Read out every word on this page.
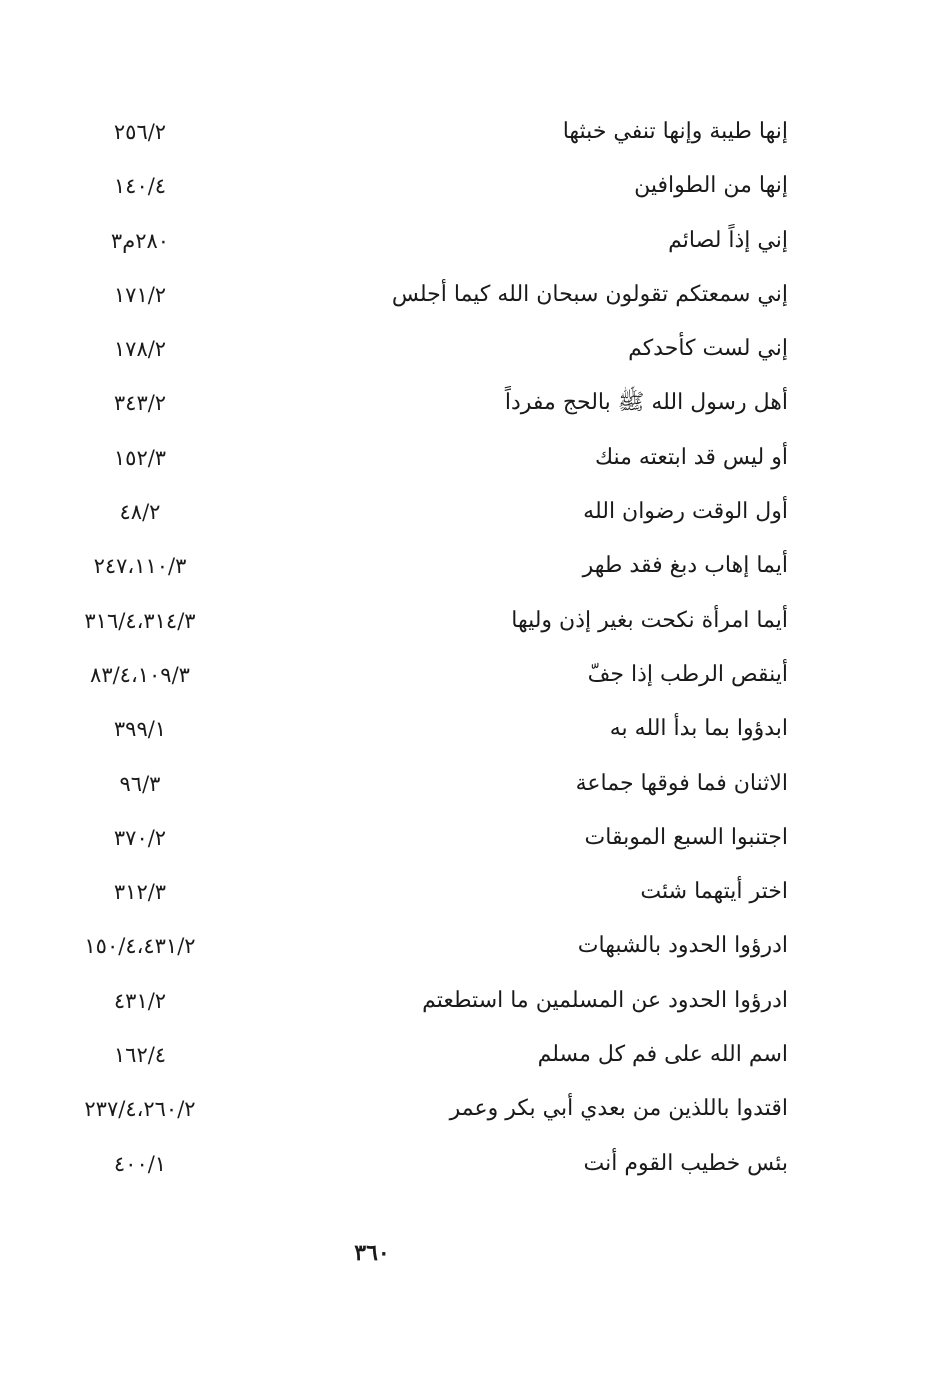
إنها طيبة وإنها تنفي خبثها
٢٥٦/٢
إنها من الطوافين
١٤٠/٤
إني إذاً لصائم
٢٨٠م٣
إني سمعتكم تقولون سبحان الله كيما أجلس
١٧١/٢
إني لست كأحدكم
١٧٨/٢
أهل رسول الله ﷺ بالحج مفرداً
٣٤٣/٢
أو ليس قد ابتعته منك
١٥٢/٣
أول الوقت رضوان الله
٤٨/٢
أيما إهاب دبغ فقد طهر
٢٤٧،١١٠/٣
أيما امرأة نكحت بغير إذن وليها
٣١٦/٤،٣١٤/٣
أينقص الرطب إذا جفّ
٨٣/٤،١٠٩/٣
ابدؤوا بما بدأ الله به
٣٩٩/١
الاثنان فما فوقها جماعة
٩٦/٣
اجتنبوا السبع الموبقات
٣٧٠/٢
اختر أيتهما شئت
٣١٢/٣
ادرؤوا الحدود بالشبهات
١٥٠/٤،٤٣١/٢
ادرؤوا الحدود عن المسلمين ما استطعتم
٤٣١/٢
اسم الله على فم كل مسلم
١٦٢/٤
اقتدوا باللذين من بعدي أبي بكر وعمر
٢٣٧/٤،٢٦٠/٢
بئس خطيب القوم أنت
٤٠٠/١
٣٦٠
